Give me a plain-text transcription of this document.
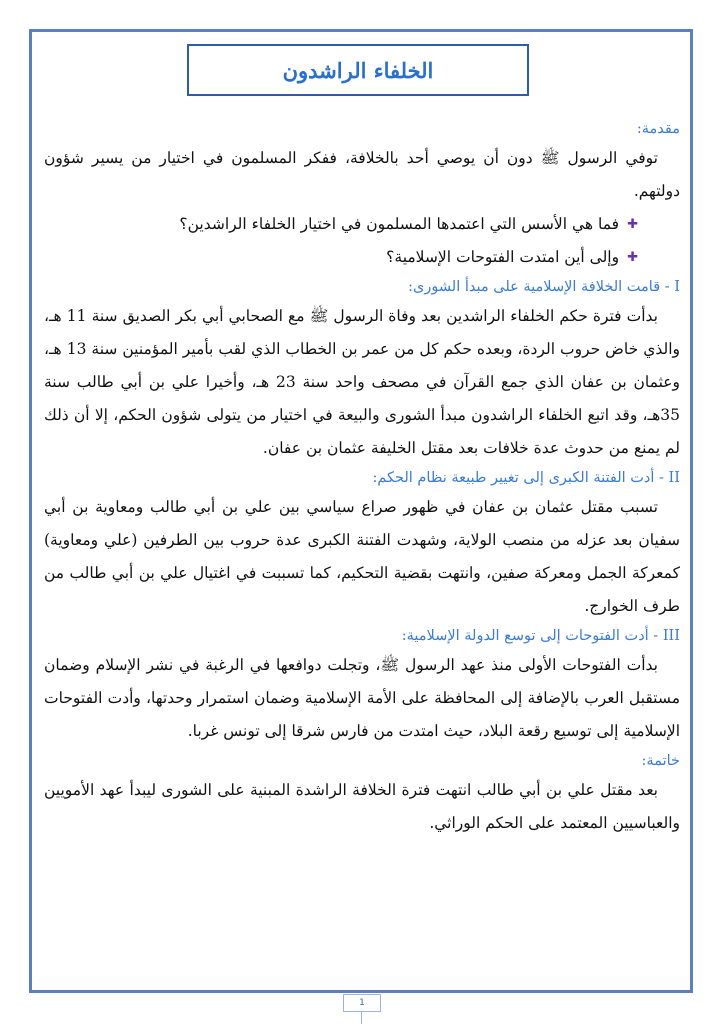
الخلفاء الراشدون

مقدمة:

توفي الرسول ﷺ دون أن يوصي أحد بالخلافة، ففكر المسلمون في اختيار من يسير شؤون دولتهم.

✚
فما هي الأسس التي اعتمدها المسلمون في اختيار الخلفاء الراشدين؟
✚
وإلى أين امتدت الفتوحات الإسلامية؟

I - قامت الخلافة الإسلامية على مبدأ الشورى:

بدأت فترة حكم الخلفاء الراشدين بعد وفاة الرسول ﷺ مع الصحابي أبي بكر الصديق سنة 11 هـ، والذي خاض حروب الردة، وبعده حكم كل من عمر بن الخطاب الذي لقب بأمير المؤمنين سنة 13 هـ، وعثمان بن عفان الذي جمع القرآن في مصحف واحد سنة 23 هـ، وأخيرا علي بن أبي طالب سنة 35هـ، وقد اتبع الخلفاء الراشدون مبدأ الشورى والبيعة في اختيار من يتولى شؤون الحكم، إلا أن ذلك لم يمنع من حدوث عدة خلافات بعد مقتل الخليفة عثمان بن عفان.

II - أدت الفتنة الكبرى إلى تغيير طبيعة نظام الحكم:

تسبب مقتل عثمان بن عفان في ظهور صراع سياسي بين علي بن أبي طالب ومعاوية بن أبي سفيان بعد عزله من منصب الولاية، وشهدت الفتنة الكبرى عدة حروب بين الطرفين (علي ومعاوية) كمعركة الجمل ومعركة صفين، وانتهت بقضية التحكيم، كما تسببت في اغتيال علي بن أبي طالب من طرف الخوارج.

III - أدت الفتوحات إلى توسع الدولة الإسلامية:

بدأت الفتوحات الأولى منذ عهد الرسول ﷺ، وتجلت دوافعها في الرغبة في نشر الإسلام وضمان مستقبل العرب بالإضافة إلى المحافظة على الأمة الإسلامية وضمان استمرار وحدتها، وأدت الفتوحات الإسلامية إلى توسيع رقعة البلاد، حيث امتدت من فارس شرقا إلى تونس غربا.

خاتمة:

بعد مقتل علي بن أبي طالب انتهت فترة الخلافة الراشدة المبنية على الشورى ليبدأ عهد الأمويين والعباسيين المعتمد على الحكم الوراثي.

1
